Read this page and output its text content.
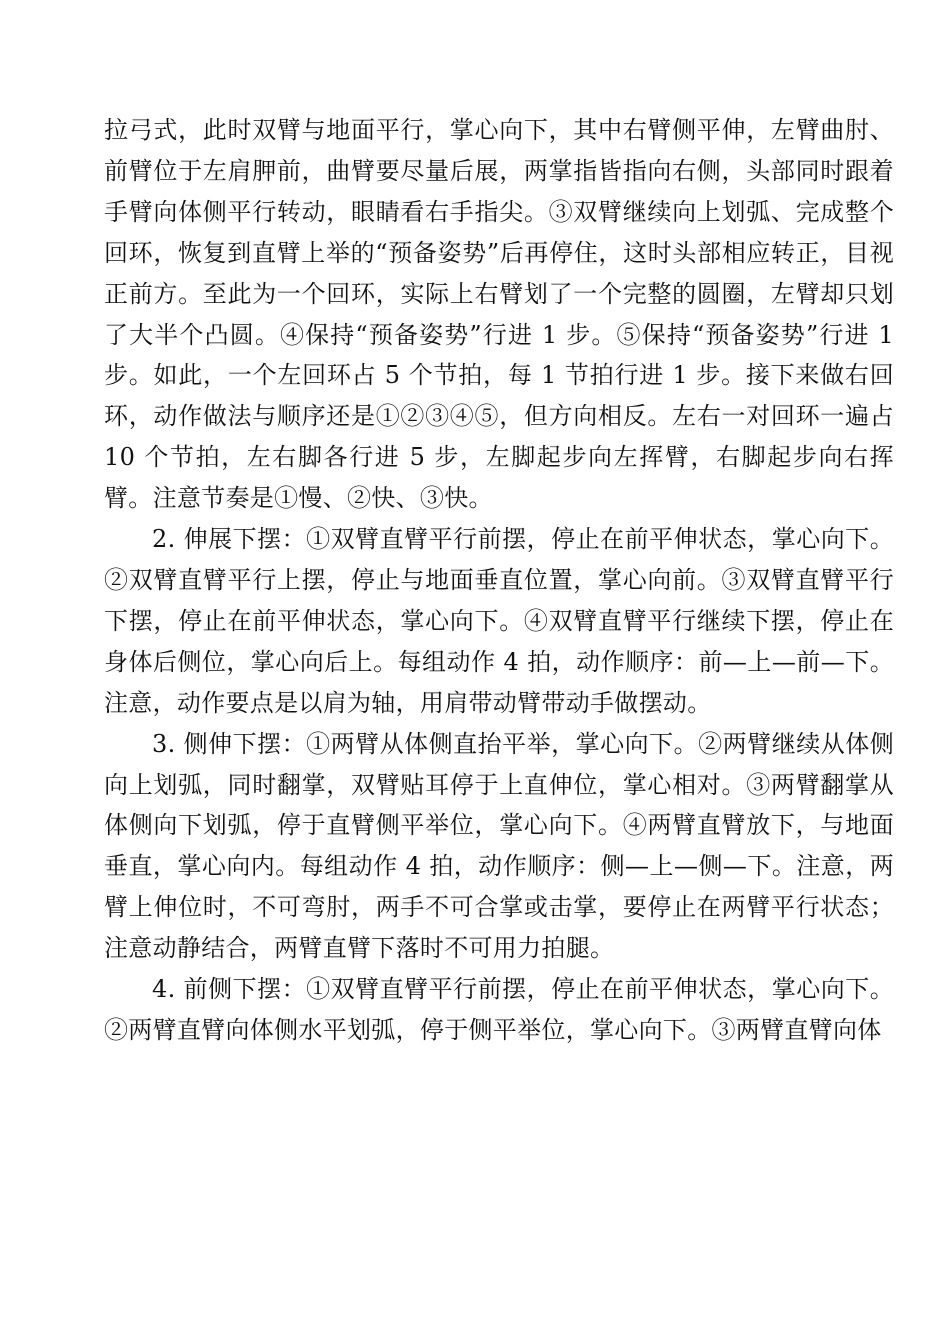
拉弓式，此时双臂与地面平行，掌心向下，其中右臂侧平伸，左臂曲肘、前臂位于左肩胛前，曲臂要尽量后展，两掌指皆指向右侧，头部同时跟着手臂向体侧平行转动，眼睛看右手指尖。③双臂继续向上划弧、完成整个回环，恢复到直臂上举的“预备姿势”后再停住，这时头部相应转正，目视正前方。至此为一个回环，实际上右臂划了一个完整的圆圈，左臂却只划了大半个凸圆。④保持“预备姿势”行进 1 步。⑤保持“预备姿势”行进 1 步。如此，一个左回环占 5 个节拍，每 1 节拍行进 1 步。接下来做右回环，动作做法与顺序还是①②③④⑤，但方向相反。左右一对回环一遍占 10 个节拍，左右脚各行进 5 步，左脚起步向左挥臂，右脚起步向右挥臂。注意节奏是①慢、②快、③快。

2. 伸展下摆：①双臂直臂平行前摆，停止在前平伸状态，掌心向下。②双臂直臂平行上摆，停止与地面垂直位置，掌心向前。③双臂直臂平行下摆，停止在前平伸状态，掌心向下。④双臂直臂平行继续下摆，停止在身体后侧位，掌心向后上。每组动作 4 拍，动作顺序：前—上—前—下。注意，动作要点是以肩为轴，用肩带动臂带动手做摆动。

3. 侧伸下摆：①两臂从体侧直抬平举，掌心向下。②两臂继续从体侧向上划弧，同时翻掌，双臂贴耳停于上直伸位，掌心相对。③两臂翻掌从体侧向下划弧，停于直臂侧平举位，掌心向下。④两臂直臂放下，与地面垂直，掌心向内。每组动作 4 拍，动作顺序：侧—上—侧—下。注意，两臂上伸位时，不可弯肘，两手不可合掌或击掌，要停止在两臂平行状态；注意动静结合，两臂直臂下落时不可用力拍腿。

4. 前侧下摆：①双臂直臂平行前摆，停止在前平伸状态，掌心向下。②两臂直臂向体侧水平划弧，停于侧平举位，掌心向下。③两臂直臂向体
